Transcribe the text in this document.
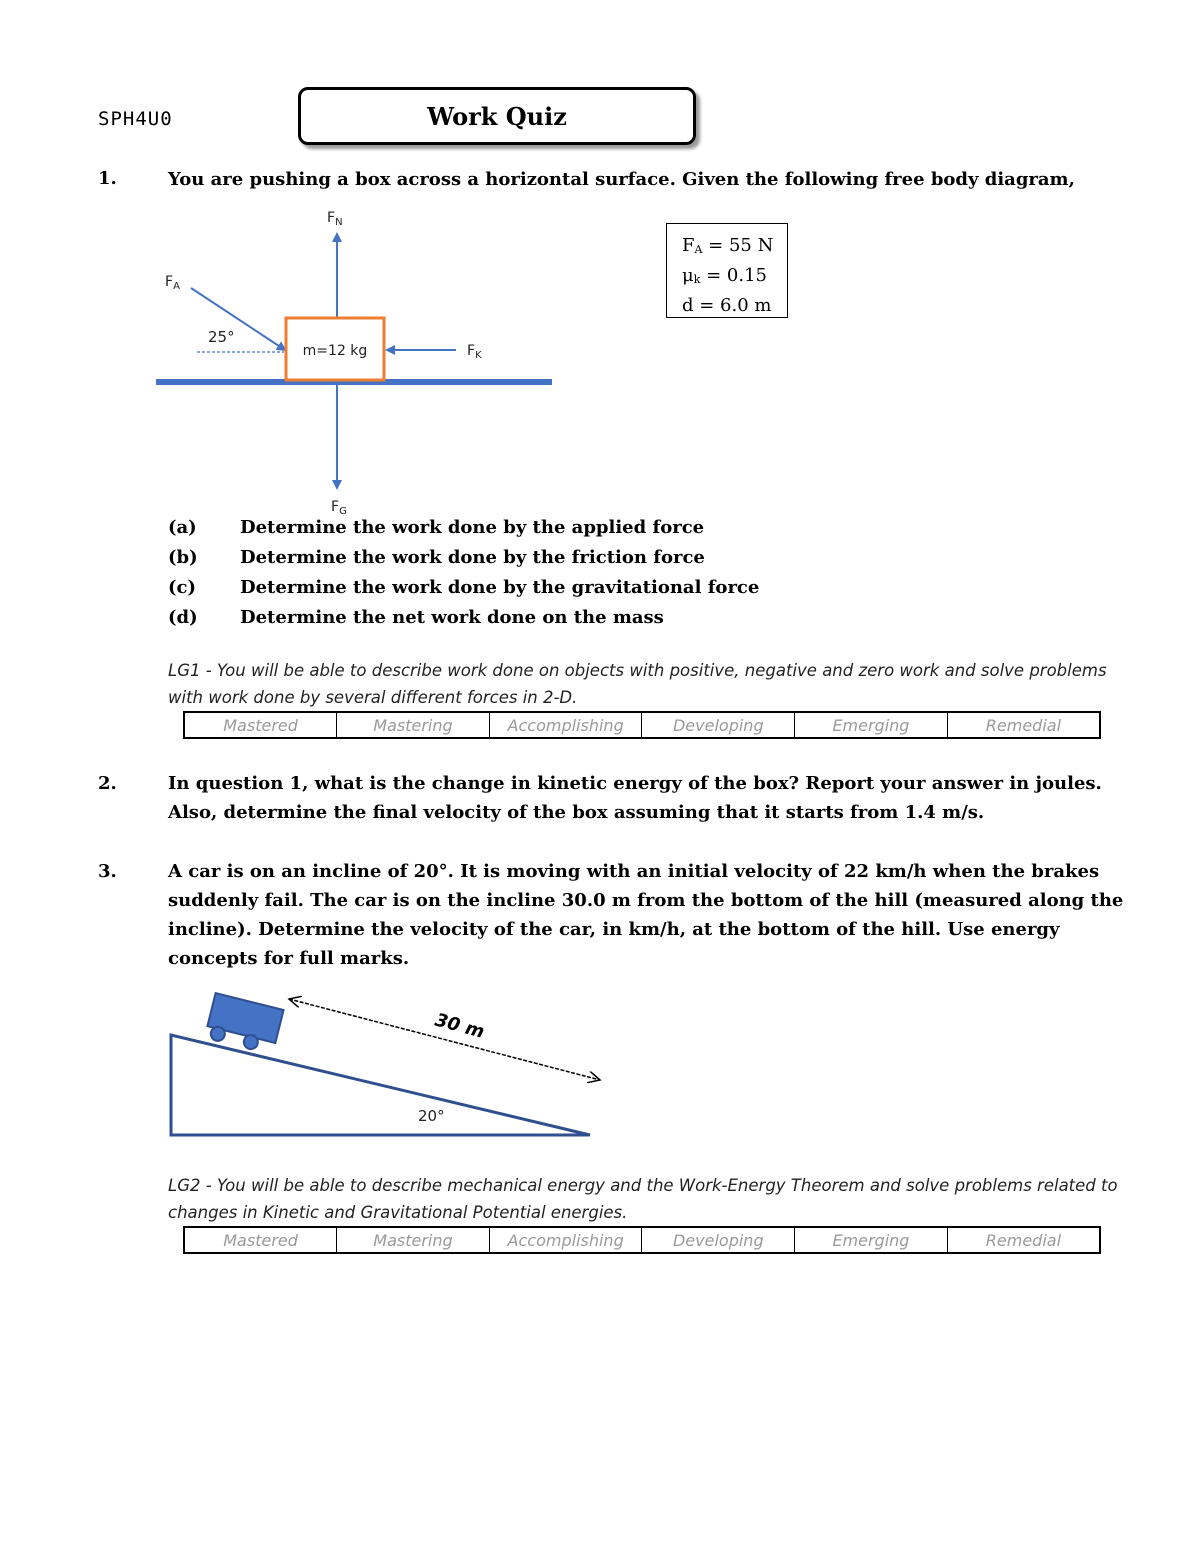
SPH4U0	Work Quiz
1.	You are pushing a box across a horizontal surface. Given the following free body diagram,
$F_N$
$F_G$
$F_A$
25°
$F_K$
m=12 kg
$F_A = 55$ N
$\mu_k = 0.15$
d = 6.0 m
(a)	Determine the work done by the applied force
(b)	Determine the work done by the friction force
(c)	Determine the work done by the gravitational force
(d)	Determine the net work done on the mass
LG1 - You will be able to describe work done on objects with positive, negative and zero work and solve problems
with work done by several different forces in 2-D.
Mastered	Mastering	Accomplishing	Developing	Emerging	Remedial
2.	In question 1, what is the change in kinetic energy of the box? Report your answer in joules.
Also, determine the final velocity of the box assuming that it starts from 1.4 m/s.
3.	A car is on an incline of 20°. It is moving with an initial velocity of 22 km/h when the brakes
suddenly fail. The car is on the incline 30.0 m from the bottom of the hill (measured along the
incline). Determine the velocity of the car, in km/h, at the bottom of the hill. Use energy
concepts for full marks.
30 m
20°
LG2 - You will be able to describe mechanical energy and the Work-Energy Theorem and solve problems related to
changes in Kinetic and Gravitational Potential energies.
Mastered	Mastering	Accomplishing	Developing	Emerging	Remedial
